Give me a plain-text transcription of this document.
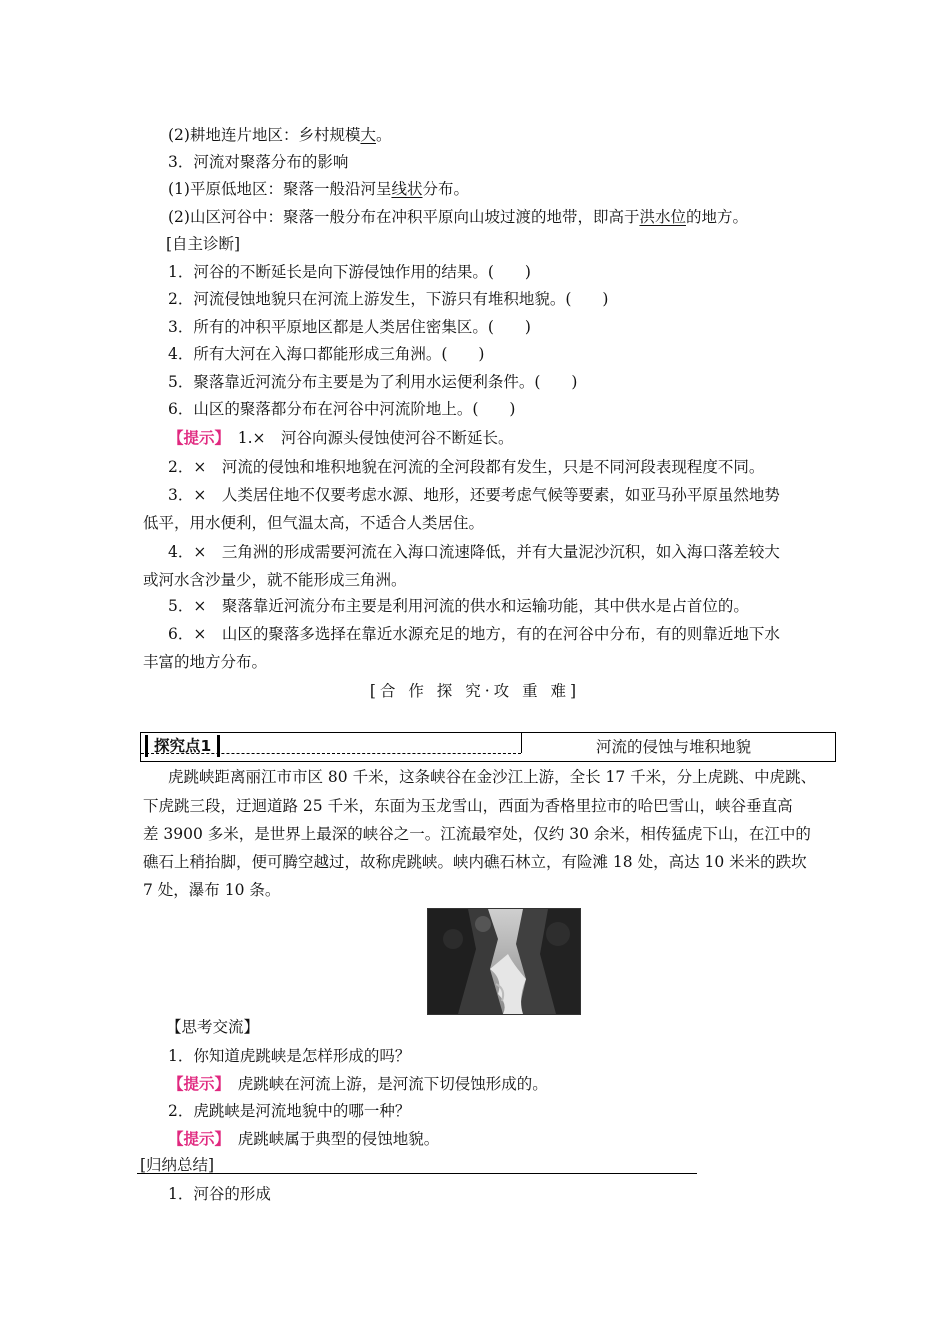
(2)耕地连片地区：乡村规模大。
3．河流对聚落分布的影响
(1)平原低地区：聚落一般沿河呈线状分布。
(2)山区河谷中：聚落一般分布在冲积平原向山坡过渡的地带，即高于洪水位的地方。
[自主诊断]
1．河谷的不断延长是向下游侵蚀作用的结果。(　　)
2．河流侵蚀地貌只在河流上游发生，下游只有堆积地貌。(　　)
3．所有的冲积平原地区都是人类居住密集区。(　　)
4．所有大河在入海口都能形成三角洲。(　　)
5．聚落靠近河流分布主要是为了利用水运便利条件。(　　)
6．山区的聚落都分布在河谷中河流阶地上。(　　)
【提示】　1.×　河谷向源头侵蚀使河谷不断延长。
2．×　河流的侵蚀和堆积地貌在河流的全河段都有发生，只是不同河段表现程度不同。
3．×　人类居住地不仅要考虑水源、地形，还要考虑气候等要素，如亚马孙平原虽然地势
低平，用水便利，但气温太高，不适合人类居住。
4．×　三角洲的形成需要河流在入海口流速降低，并有大量泥沙沉积，如入海口落差较大
或河水含沙量少，就不能形成三角洲。
5．×　聚落靠近河流分布主要是利用河流的供水和运输功能，其中供水是占首位的。
6．×　山区的聚落多选择在靠近水源充足的地方，有的在河谷中分布，有的则靠近地下水
丰富的地方分布。
[合 作 探 究·攻 重 难]
探究点1	河流的侵蚀与堆积地貌
虎跳峡距离丽江市市区 80 千米，这条峡谷在金沙江上游，全长 17 千米，分上虎跳、中虎跳、
下虎跳三段，迂迴道路 25 千米，东面为玉龙雪山，西面为香格里拉市的哈巴雪山，峡谷垂直高
差 3900 多米，是世界上最深的峡谷之一。江流最窄处，仅约 30 余米，相传猛虎下山，在江中的
礁石上稍抬脚，便可腾空越过，故称虎跳峡。峡内礁石林立，有险滩 18 处，高达 10 米米的跌坎
7 处，瀑布 10 条。
【思考交流】
1．你知道虎跳峡是怎样形成的吗？
【提示】　虎跳峡在河流上游，是河流下切侵蚀形成的。
2．虎跳峡是河流地貌中的哪一种？
【提示】　虎跳峡属于典型的侵蚀地貌。
[归纳总结]
1．河谷的形成
